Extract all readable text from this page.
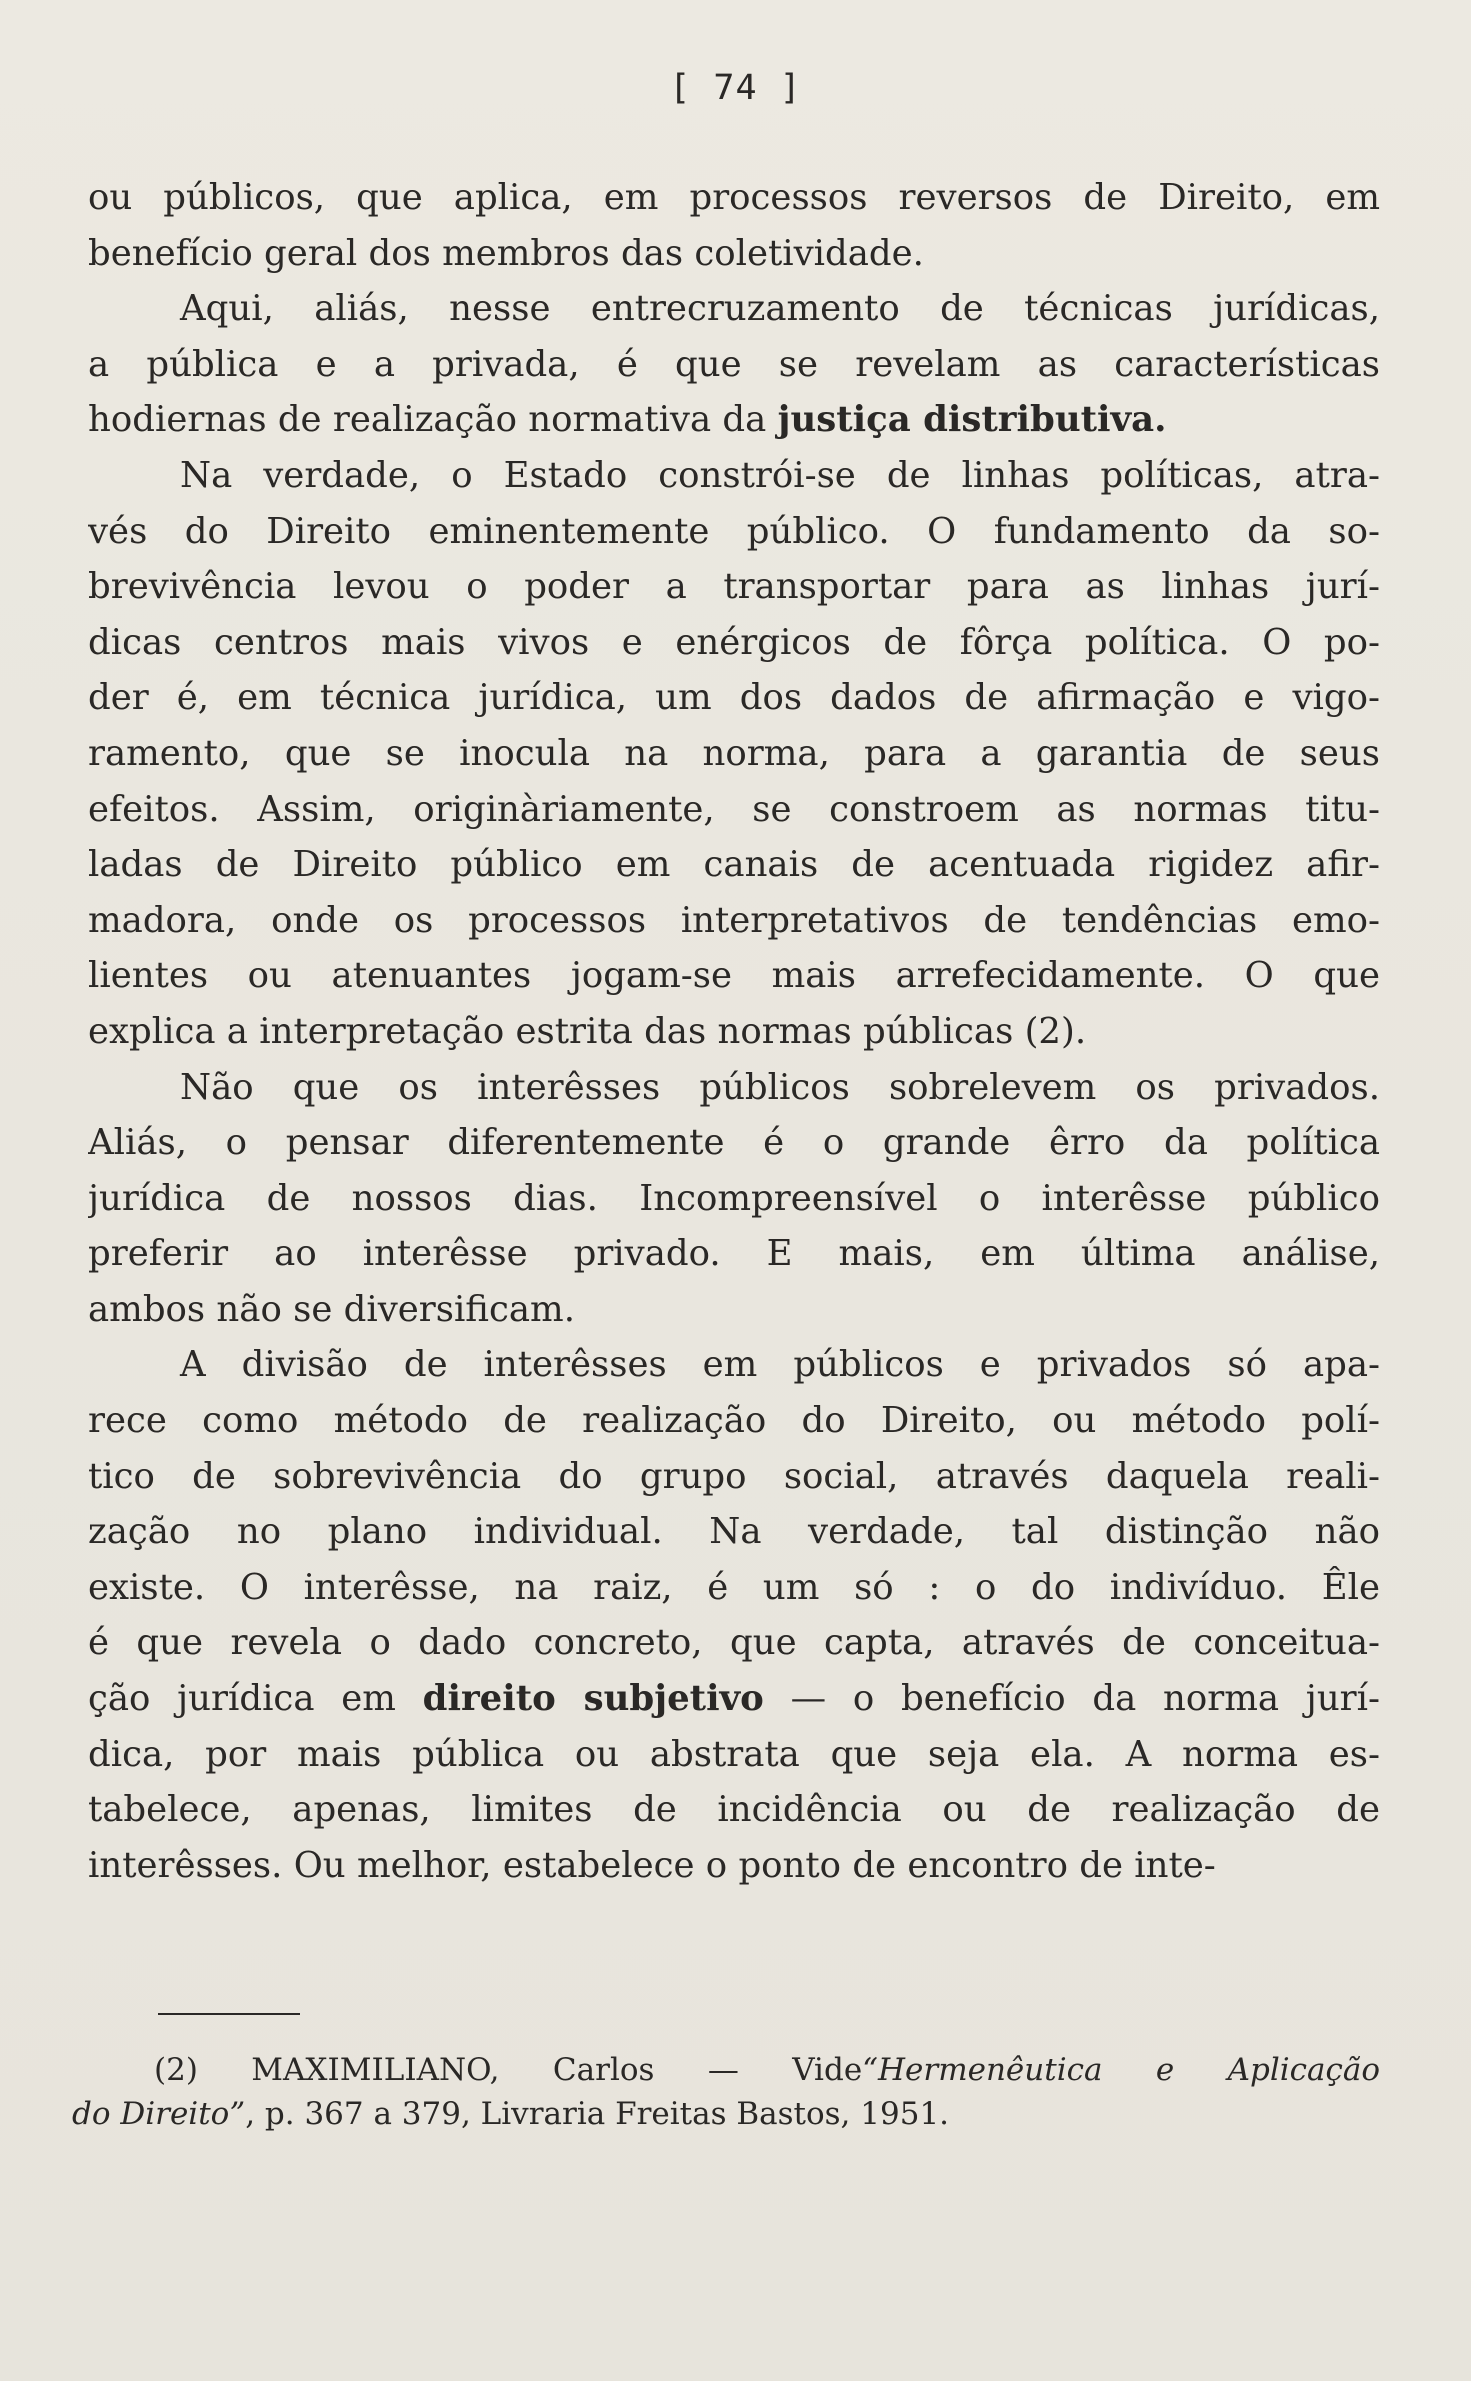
[ 74 ]
ou públicos, que aplica, em processos reversos de Direito, em
benefício geral dos membros das coletividade.
Aqui, aliás, nesse entrecruzamento de técnicas jurídicas,
a pública e a privada, é que se revelam as características
hodiernas de realização normativa da justiça distributiva.
Na verdade, o Estado constrói-se de linhas políticas, atra-
vés do Direito eminentemente público. O fundamento da so-
brevivência levou o poder a transportar para as linhas jurí-
dicas centros mais vivos e enérgicos de fôrça política. O po-
der é, em técnica jurídica, um dos dados de afirmação e vigo-
ramento, que se inocula na norma, para a garantia de seus
efeitos. Assim, originàriamente, se constroem as normas titu-
ladas de Direito público em canais de acentuada rigidez afir-
madora, onde os processos interpretativos de tendências emo-
lientes ou atenuantes jogam-se mais arrefecidamente. O que
explica a interpretação estrita das normas públicas (2).
Não que os interêsses públicos sobrelevem os privados.
Aliás, o pensar diferentemente é o grande êrro da política
jurídica de nossos dias. Incompreensível o interêsse público
preferir ao interêsse privado. E mais, em última análise,
ambos não se diversificam.
A divisão de interêsses em públicos e privados só apa-
rece como método de realização do Direito, ou método polí-
tico de sobrevivência do grupo social, através daquela reali-
zação no plano individual. Na verdade, tal distinção não
existe. O interêsse, na raiz, é um só : o do indivíduo. Êle
é que revela o dado concreto, que capta, através de conceitua-
ção jurídica em direito subjetivo — o benefício da norma jurí-
dica, por mais pública ou abstrata que seja ela. A norma es-
tabelece, apenas, limites de incidência ou de realização de
interêsses. Ou melhor, estabelece o ponto de encontro de inte-
(2) MAXIMILIANO, Carlos — Vide“Hermenêutica e Aplicação
do Direito”, p. 367 a 379, Livraria Freitas Bastos, 1951.
